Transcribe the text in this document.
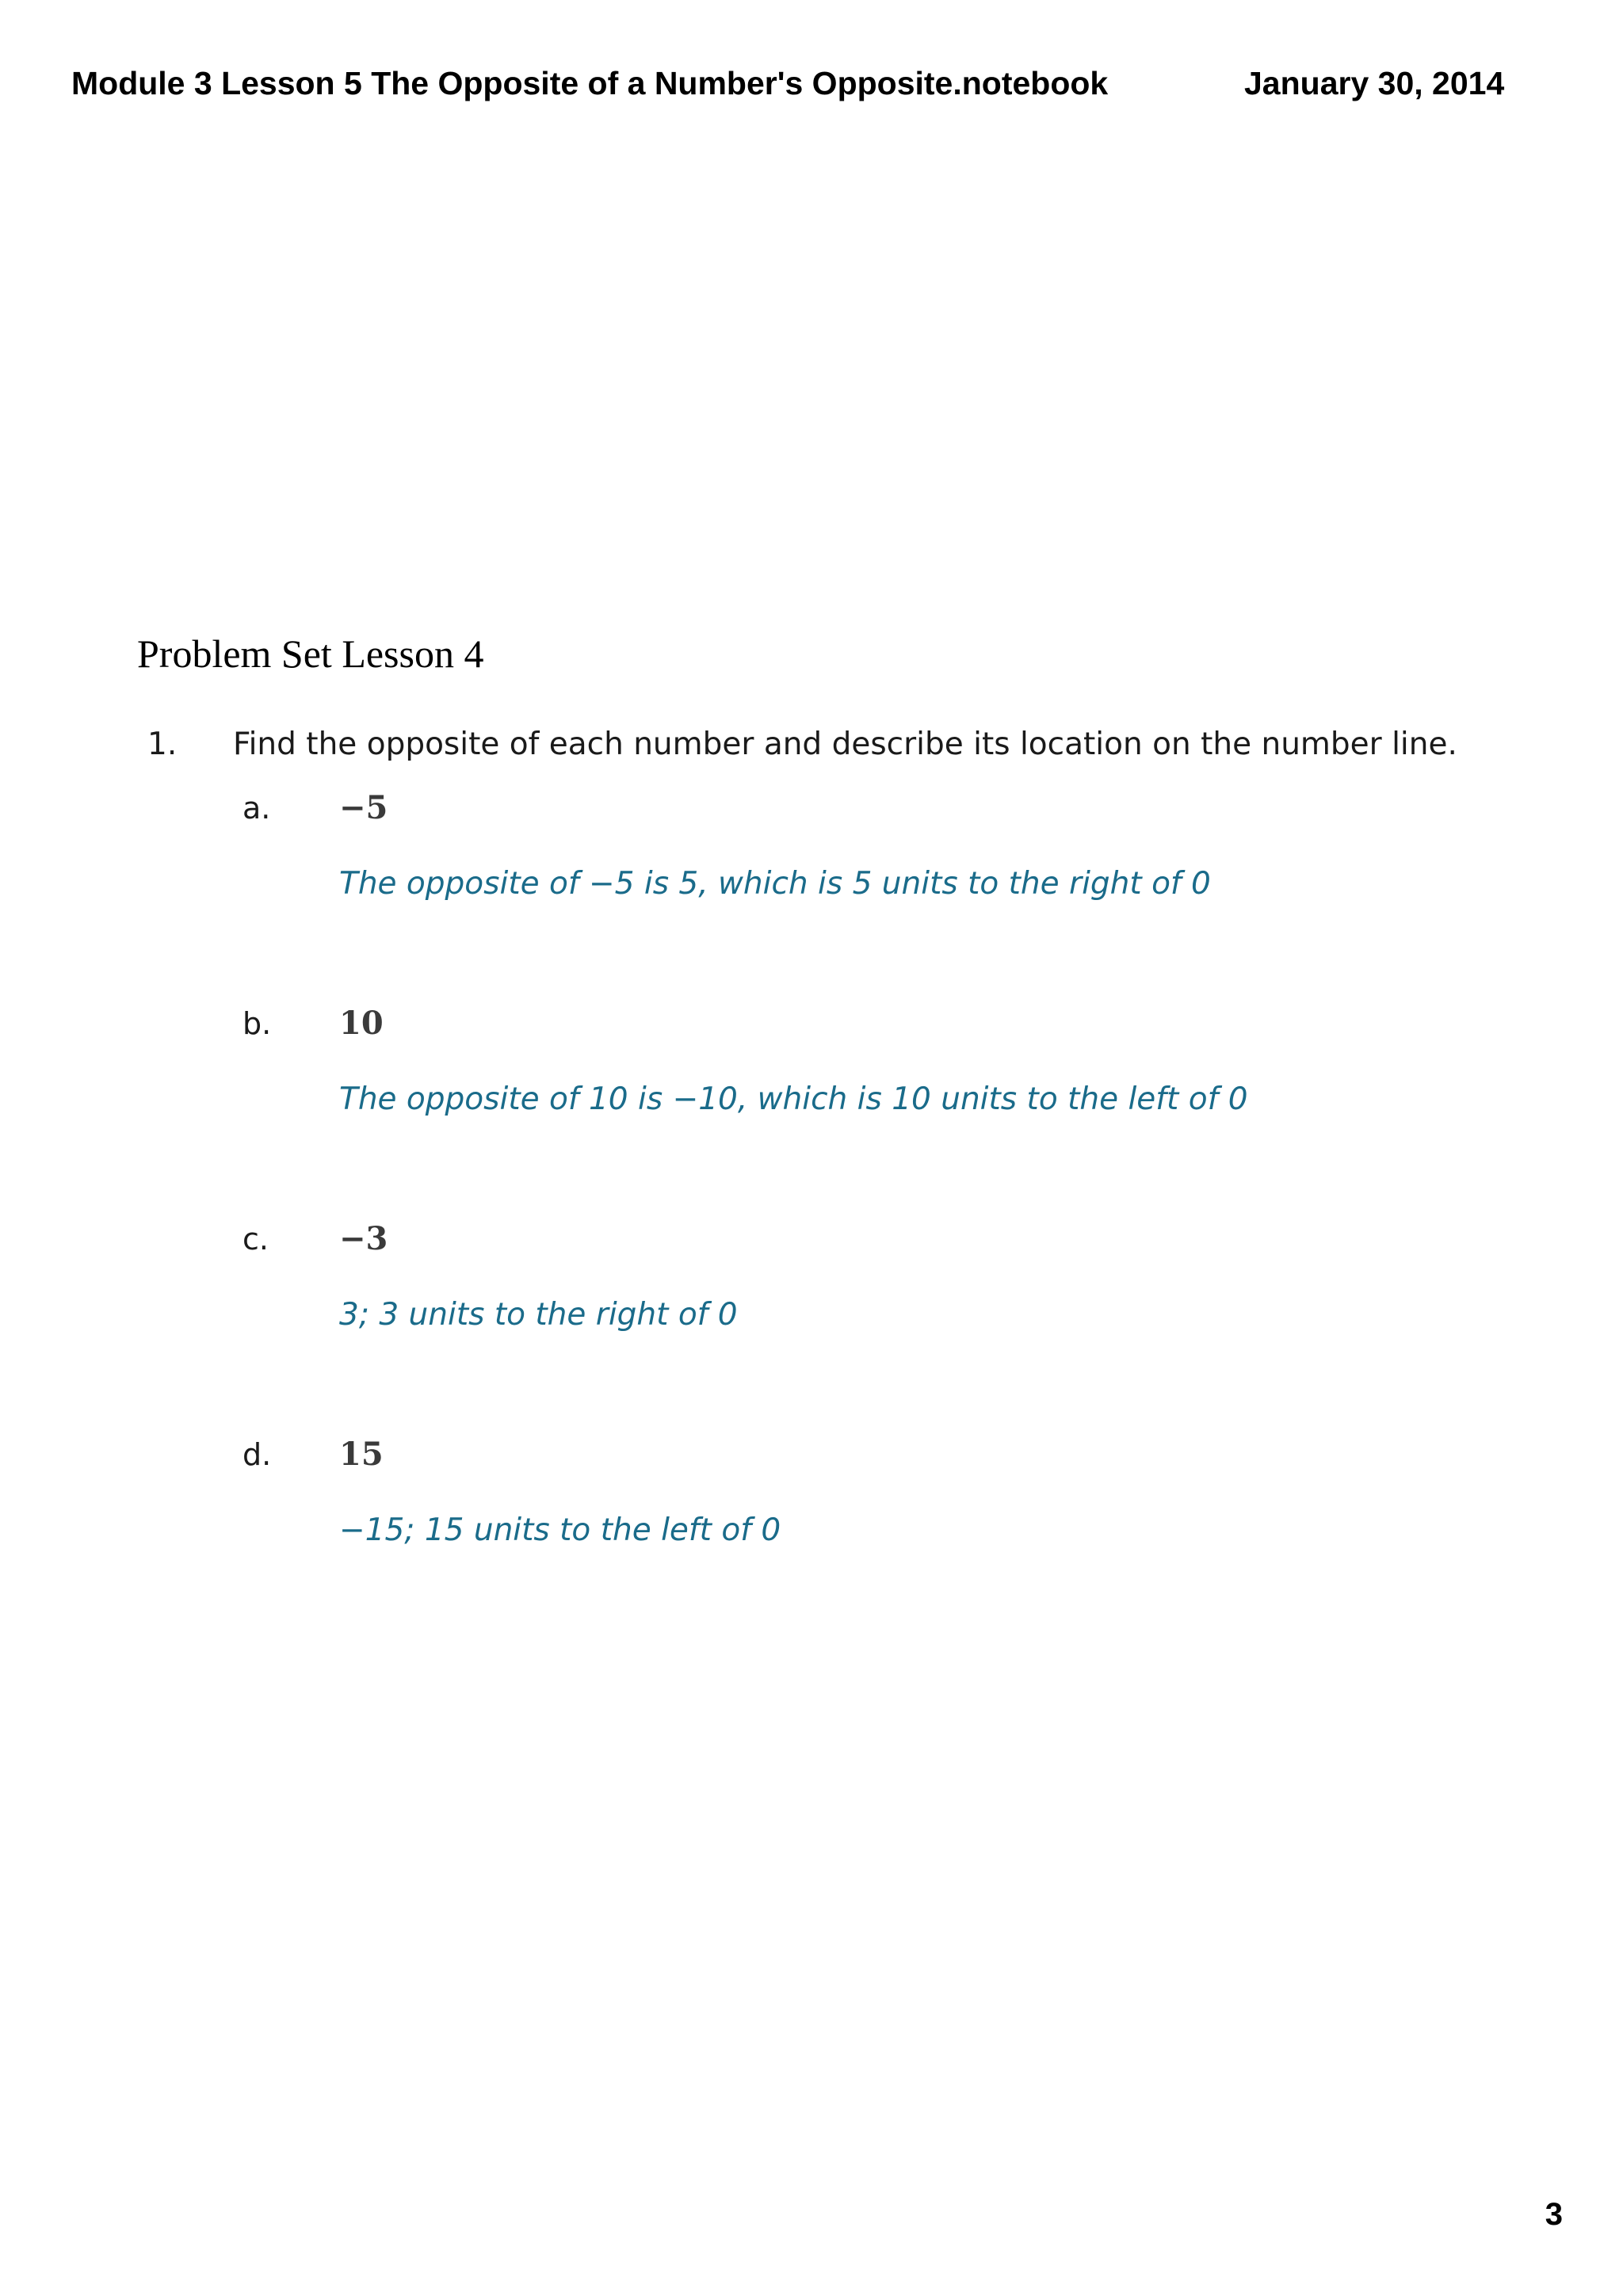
Module 3 Lesson 5 The Opposite of a Number's Opposite.notebook	January 30, 2014
Problem Set Lesson 4
1. Find the opposite of each number and describe its location on the number line.
a. −5
The opposite of −5 is 5, which is 5 units to the right of 0
b. 10
The opposite of 10 is −10, which is 10 units to the left of 0
c. −3
3; 3 units to the right of 0
d. 15
−15; 15 units to the left of 0
3
